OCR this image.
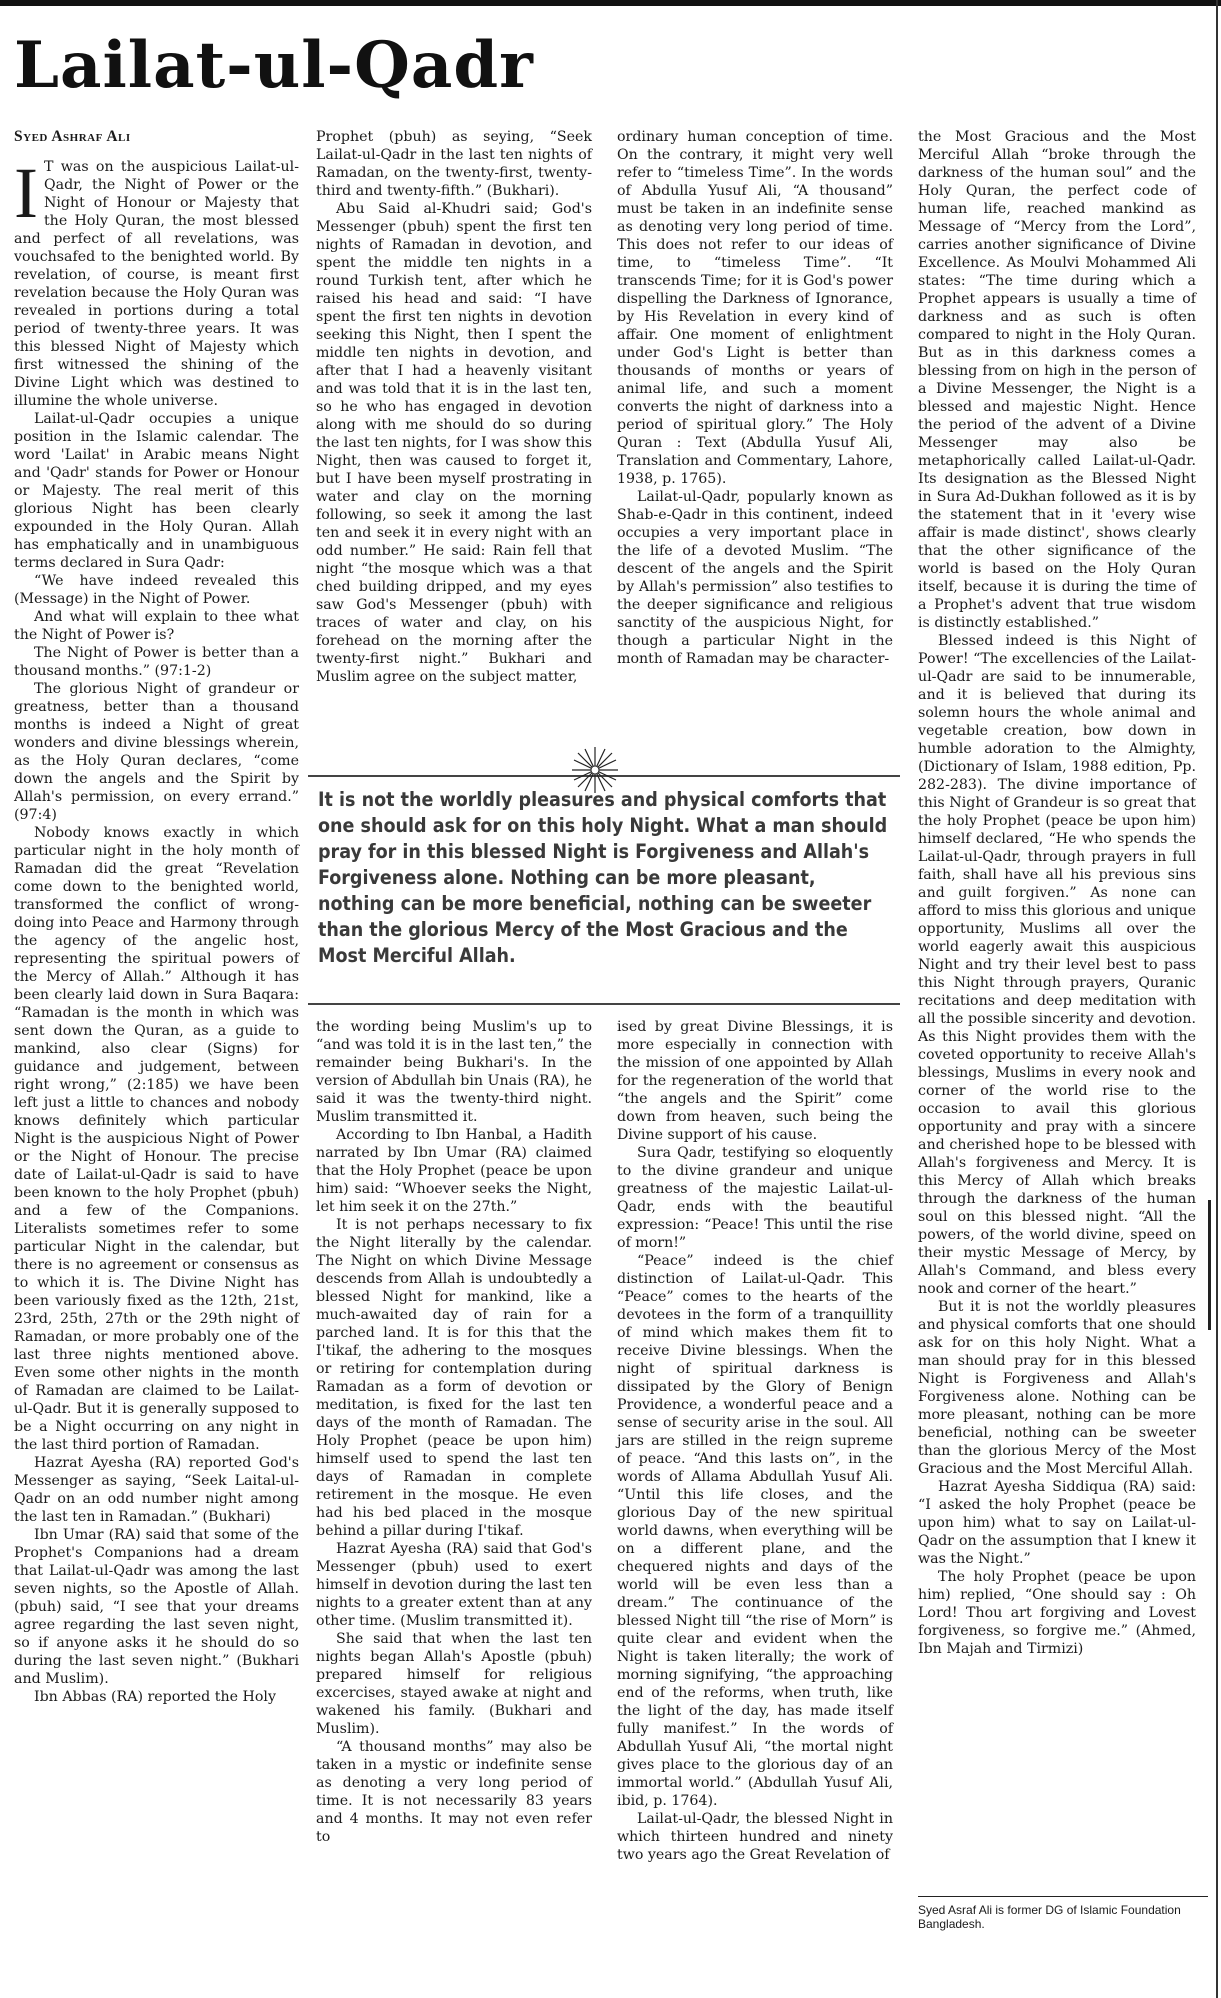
Lailat-ul-Qadr
Syed Ashraf Ali

I T was on the auspicious Lailat-ul-Qadr, the Night of Power or the Night of Honour or Majesty that the Holy Quran, the most blessed and perfect of all revelations, was vouchsafed to the benighted world. By revelation, of course, is meant first revelation because the Holy Quran was revealed in portions during a total period of twenty-three years. It was this blessed Night of Majesty which first witnessed the shining of the Divine Light which was destined to illumine the whole universe.

Lailat-ul-Qadr occupies a unique position in the Islamic calendar. The word 'Lailat' in Arabic means Night and 'Qadr' stands for Power or Honour or Majesty. The real merit of this glorious Night has been clearly expounded in the Holy Quran. Allah has emphatically and in unambiguous terms declared in Sura Qadr:

“We have indeed revealed this (Message) in the Night of Power.

And what will explain to thee what the Night of Power is?

The Night of Power is better than a thousand months.” (97:1-2)

The glorious Night of grandeur or greatness, better than a thousand months is indeed a Night of great wonders and divine blessings wherein, as the Holy Quran declares, “come down the angels and the Spirit by Allah's permission, on every errand.” (97:4)

Nobody knows exactly in which particular night in the holy month of Ramadan did the great “Revelation come down to the benighted world, transformed the conflict of wrong-doing into Peace and Harmony through the agency of the angelic host, representing the spiritual powers of the Mercy of Allah.” Although it has been clearly laid down in Sura Baqara: “Ramadan is the month in which was sent down the Quran, as a guide to mankind, also clear (Signs) for guidance and judgement, between right wrong,” (2:185) we have been left just a little to chances and nobody knows definitely which particular Night is the auspicious Night of Power or the Night of Honour. The precise date of Lailat-ul-Qadr is said to have been known to the holy Prophet (pbuh) and a few of the Companions. Literalists sometimes refer to some particular Night in the calendar, but there is no agreement or consensus as to which it is. The Divine Night has been variously fixed as the 12th, 21st, 23rd, 25th, 27th or the 29th night of Ramadan, or more probably one of the last three nights mentioned above. Even some other nights in the month of Ramadan are claimed to be Lailat-ul-Qadr. But it is generally supposed to be a Night occurring on any night in the last third portion of Ramadan.

Hazrat Ayesha (RA) reported God's Messenger as saying, “Seek Laital-ul-Qadr on an odd number night among the last ten in Ramadan.” (Bukhari)

Ibn Umar (RA) said that some of the Prophet's Companions had a dream that Lailat-ul-Qadr was among the last seven nights, so the Apostle of Allah. (pbuh) said, “I see that your dreams agree regarding the last seven night, so if anyone asks it he should do so during the last seven night.” (Bukhari and Muslim).

Ibn Abbas (RA) reported the Holy

Prophet (pbuh) as seying, “Seek Lailat-ul-Qadr in the last ten nights of Ramadan, on the twenty-first, twenty-third and twenty-fifth.” (Bukhari).

Abu Said al-Khudri said; God's Messenger (pbuh) spent the first ten nights of Ramadan in devotion, and spent the middle ten nights in a round Turkish tent, after which he raised his head and said: “I have spent the first ten nights in devotion seeking this Night, then I spent the middle ten nights in devotion, and after that I had a heavenly visitant and was told that it is in the last ten, so he who has engaged in devotion along with me should do so during the last ten nights, for I was show this Night, then was caused to forget it, but I have been myself prostrating in water and clay on the morning following, so seek it among the last ten and seek it in every night with an odd number.” He said: Rain fell that night “the mosque which was a that ched building dripped, and my eyes saw God's Messenger (pbuh) with traces of water and clay, on his forehead on the morning after the twenty-first night.” Bukhari and Muslim agree on the subject matter,

ordinary human conception of time. On the contrary, it might very well refer to “timeless Time”. In the words of Abdulla Yusuf Ali, “A thousand” must be taken in an indefinite sense as denoting very long period of time. This does not refer to our ideas of time, to “timeless Time”. “It transcends Time; for it is God's power dispelling the Darkness of Ignorance, by His Revelation in every kind of affair. One moment of enlightment under God's Light is better than thousands of months or years of animal life, and such a moment converts the night of darkness into a period of spiritual glory.” The Holy Quran : Text (Abdulla Yusuf Ali, Translation and Commentary, Lahore, 1938, p. 1765).

Lailat-ul-Qadr, popularly known as Shab-e-Qadr in this continent, indeed occupies a very important place in the life of a devoted Muslim. “The descent of the angels and the Spirit by Allah's permission” also testifies to the deeper significance and religious sanctity of the auspicious Night, for though a particular Night in the month of Ramadan may be character-

It is not the worldly pleasures and physical comforts that one should ask for on this holy Night. What a man should pray for in this blessed Night is Forgiveness and Allah's Forgiveness alone. Nothing can be more pleasant, nothing can be more beneficial, nothing can be sweeter than the glorious Mercy of the Most Gracious and the Most Merciful Allah.

the wording being Muslim's up to “and was told it is in the last ten,” the remainder being Bukhari's. In the version of Abdullah bin Unais (RA), he said it was the twenty-third night. Muslim transmitted it.

According to Ibn Hanbal, a Hadith narrated by Ibn Umar (RA) claimed that the Holy Prophet (peace be upon him) said: “Whoever seeks the Night, let him seek it on the 27th.”

It is not perhaps necessary to fix the Night literally by the calendar. The Night on which Divine Message descends from Allah is undoubtedly a blessed Night for mankind, like a much-awaited day of rain for a parched land. It is for this that the I'tikaf, the adhering to the mosques or retiring for contemplation during Ramadan as a form of devotion or meditation, is fixed for the last ten days of the month of Ramadan. The Holy Prophet (peace be upon him) himself used to spend the last ten days of Ramadan in complete retirement in the mosque. He even had his bed placed in the mosque behind a pillar during I'tikaf.

Hazrat Ayesha (RA) said that God's Messenger (pbuh) used to exert himself in devotion during the last ten nights to a greater extent than at any other time. (Muslim transmitted it).

She said that when the last ten nights began Allah's Apostle (pbuh) prepared himself for religious excercises, stayed awake at night and wakened his family. (Bukhari and Muslim).

“A thousand months” may also be taken in a mystic or indefinite sense as denoting a very long period of time. It is not necessarily 83 years and 4 months. It may not even refer to

ised by great Divine Blessings, it is more especially in connection with the mission of one appointed by Allah for the regeneration of the world that “the angels and the Spirit” come down from heaven, such being the Divine support of his cause.

Sura Qadr, testifying so eloquently to the divine grandeur and unique greatness of the majestic Lailat-ul-Qadr, ends with the beautiful expression: “Peace! This until the rise of morn!”

“Peace” indeed is the chief distinction of Lailat-ul-Qadr. This “Peace” comes to the hearts of the devotees in the form of a tranquillity of mind which makes them fit to receive Divine blessings. When the night of spiritual darkness is dissipated by the Glory of Benign Providence, a wonderful peace and a sense of security arise in the soul. All jars are stilled in the reign supreme of peace. “And this lasts on”, in the words of Allama Abdullah Yusuf Ali. “Until this life closes, and the glorious Day of the new spiritual world dawns, when everything will be on a different plane, and the chequered nights and days of the world will be even less than a dream.” The continuance of the blessed Night till “the rise of Morn” is quite clear and evident when the Night is taken literally; the work of morning signifying, “the approaching end of the reforms, when truth, like the light of the day, has made itself fully manifest.” In the words of Abdullah Yusuf Ali, “the mortal night gives place to the glorious day of an immortal world.” (Abdullah Yusuf Ali, ibid, p. 1764).

Lailat-ul-Qadr, the blessed Night in which thirteen hundred and ninety two years ago the Great Revelation of

the Most Gracious and the Most Merciful Allah “broke through the darkness of the human soul” and the Holy Quran, the perfect code of human life, reached mankind as Message of “Mercy from the Lord”, carries another significance of Divine Excellence. As Moulvi Mohammed Ali states: “The time during which a Prophet appears is usually a time of darkness and as such is often compared to night in the Holy Quran. But as in this darkness comes a blessing from on high in the person of a Divine Messenger, the Night is a blessed and majestic Night. Hence the period of the advent of a Divine Messenger may also be metaphorically called Lailat-ul-Qadr. Its designation as the Blessed Night in Sura Ad-Dukhan followed as it is by the statement that in it 'every wise affair is made distinct', shows clearly that the other significance of the world is based on the Holy Quran itself, because it is during the time of a Prophet's advent that true wisdom is distinctly established.”

Blessed indeed is this Night of Power! “The excellencies of the Lailat-ul-Qadr are said to be innumerable, and it is believed that during its solemn hours the whole animal and vegetable creation, bow down in humble adoration to the Almighty, (Dictionary of Islam, 1988 edition, Pp. 282-283). The divine importance of this Night of Grandeur is so great that the holy Prophet (peace be upon him) himself declared, “He who spends the Lailat-ul-Qadr, through prayers in full faith, shall have all his previous sins and guilt forgiven.” As none can afford to miss this glorious and unique opportunity, Muslims all over the world eagerly await this auspicious Night and try their level best to pass this Night through prayers, Quranic recitations and deep meditation with all the possible sincerity and devotion. As this Night provides them with the coveted opportunity to receive Allah's blessings, Muslims in every nook and corner of the world rise to the occasion to avail this glorious opportunity and pray with a sincere and cherished hope to be blessed with Allah's forgiveness and Mercy. It is this Mercy of Allah which breaks through the darkness of the human soul on this blessed night. “All the powers, of the world divine, speed on their mystic Message of Mercy, by Allah's Command, and bless every nook and corner of the heart.”

But it is not the worldly pleasures and physical comforts that one should ask for on this holy Night. What a man should pray for in this blessed Night is Forgiveness and Allah's Forgiveness alone. Nothing can be more pleasant, nothing can be more beneficial, nothing can be sweeter than the glorious Mercy of the Most Gracious and the Most Merciful Allah.

Hazrat Ayesha Siddiqua (RA) said: “I asked the holy Prophet (peace be upon him) what to say on Lailat-ul-Qadr on the assumption that I knew it was the Night.”

The holy Prophet (peace be upon him) replied, “One should say : Oh Lord! Thou art forgiving and Lovest forgiveness, so forgive me.” (Ahmed, Ibn Majah and Tirmizi)

Syed Asraf Ali is former DG of Islamic Foundation Bangladesh.
